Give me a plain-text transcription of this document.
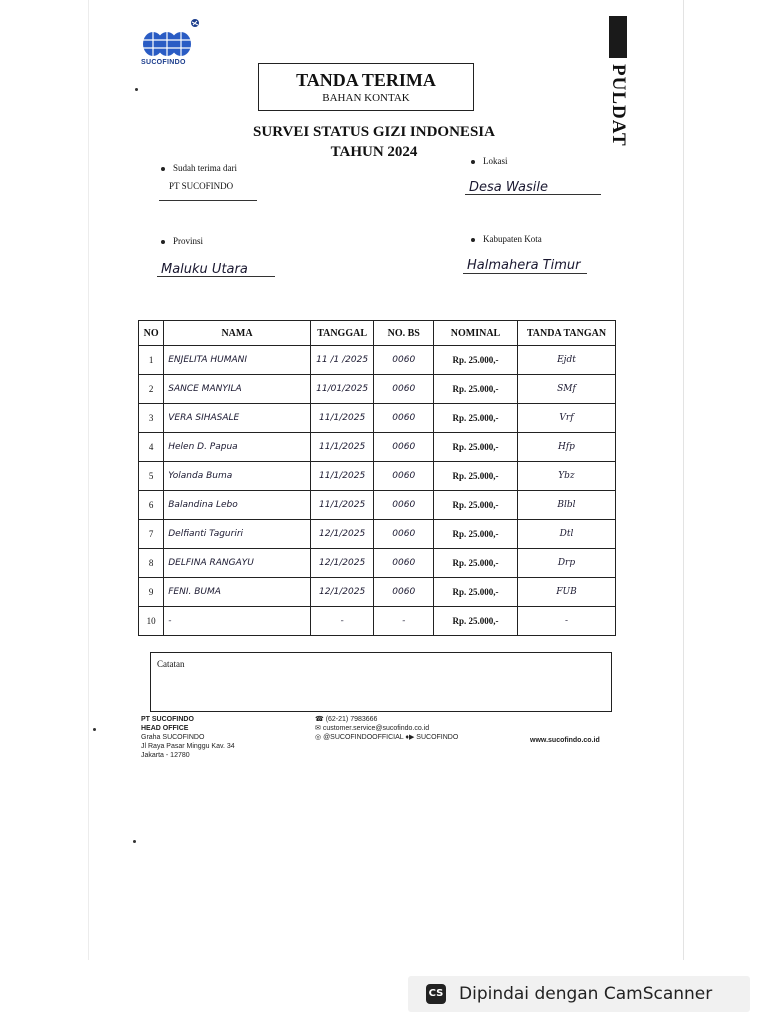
SUCOFINDO
PULDAT
TANDA TERIMA
BAHAN KONTAK
SURVEI STATUS GIZI INDONESIA
TAHUN 2024
Sudah terima dari
PT SUCOFINDO
Lokasi
Desa Wasile
Provinsi
Maluku Utara
Kabupaten Kota
Halmahera Timur
NO	NAMA	TANGGAL	NO. BS	NOMINAL	TANDA TANGAN
1	ENJELITA HUMANI	11 /1 /2025	0060	Rp. 25.000,-	Ejdt
2	SANCE MANYILA	11/01/2025	0060	Rp. 25.000,-	SMf
3	VERA SIHASALE	11/1/2025	0060	Rp. 25.000,-	Vrf
4	Helen D. Papua	11/1/2025	0060	Rp. 25.000,-	Hfp
5	Yolanda Buma	11/1/2025	0060	Rp. 25.000,-	Ybz
6	Balandina Lebo	11/1/2025	0060	Rp. 25.000,-	Blbl
7	Delfianti Taguriri	12/1/2025	0060	Rp. 25.000,-	Dtl
8	DELFINA RANGAYU	12/1/2025	0060	Rp. 25.000,-	Drp
9	FENI. BUMA	12/1/2025	0060	Rp. 25.000,-	FUB
10	-	-	-	Rp. 25.000,-	-
Catatan
PT SUCOFINDO
HEAD OFFICE
Graha SUCOFINDO
Jl Raya Pasar Minggu Kav. 34
Jakarta - 12780
☎ (62-21) 7983666
✉ customer.service@sucofindo.co.id
◎ @SUCOFINDOOFFICIAL ♦▶ SUCOFINDO	www.sucofindo.co.id
CS Dipindai dengan CamScanner
